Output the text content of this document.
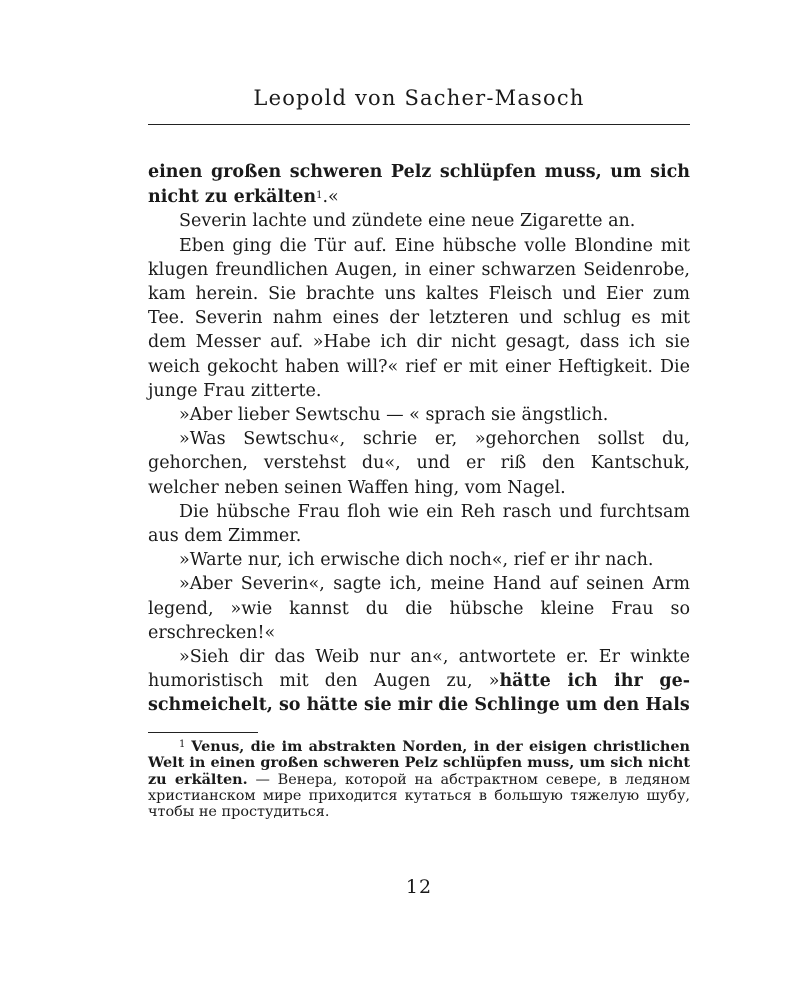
Leopold von Sacher-Masoch

einen großen schweren Pelz schlüpfen muss, um sich nicht zu erkälten$^1$.«

Severin lachte und zündete eine neue Zigarette an.

Eben ging die Tür auf. Eine hübsche volle Blondine mit klugen freundlichen Augen, in einer schwarzen Seidenrobe, kam herein. Sie brachte uns kaltes Fleisch und Eier zum Tee. Severin nahm eines der letzteren und schlug es mit dem Messer auf. »Habe ich dir nicht gesagt, dass ich sie weich gekocht haben will?« rief er mit einer Heftigkeit. Die junge Frau zitterte.

»Aber lieber Sewtschu — « sprach sie ängstlich.

»Was Sewtschu«, schrie er, »gehorchen sollst du, gehorchen, verstehst du«, und er riß den Kantschuk, welcher neben seinen Waffen hing, vom Nagel.

Die hübsche Frau floh wie ein Reh rasch und furchtsam aus dem Zimmer.

»Warte nur, ich erwische dich noch«, rief er ihr nach.

»Aber Severin«, sagte ich, meine Hand auf seinen Arm legend, »wie kannst du die hübsche kleine Frau so erschrecken!«

»Sieh dir das Weib nur an«, antwortete er. Er winkte humoristisch mit den Augen zu, »hätte ich ihr geschmeichelt, so hätte sie mir die Schlinge um den Hals

$^1$ Venus, die im abstrakten Norden, in der eisigen christlichen Welt in einen großen schweren Pelz schlüpfen muss, um sich nicht zu erkälten. — Венера, которой на абстрактном севере, в ледяном христианском мире приходится кутаться в большую тяжелую шубу, чтобы не простудиться.
12
